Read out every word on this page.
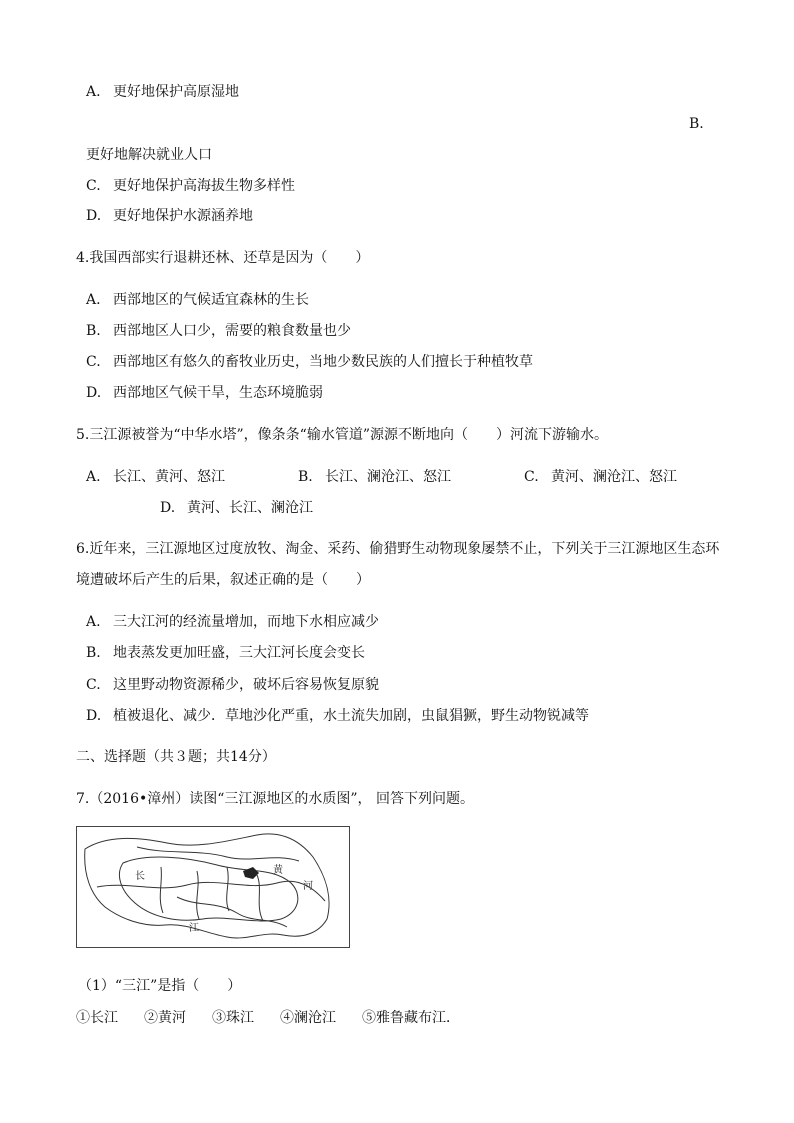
A. 更好地保护高原湿地
B.
更好地解决就业人口
C. 更好地保护高海拔生物多样性
D. 更好地保护水源涵养地
4.我国西部实行退耕还林、还草是因为（　　）
A. 西部地区的气候适宜森林的生长
B. 西部地区人口少，需要的粮食数量也少
C. 西部地区有悠久的畜牧业历史，当地少数民族的人们擅长于种植牧草
D. 西部地区气候干旱，生态环境脆弱
5.三江源被誉为“中华水塔”，像条条“输水管道”源源不断地向（　　）河流下游输水。
A. 长江、黄河、怒江	B. 长江、澜沧江、怒江	C. 黄河、澜沧江、怒江
D. 黄河、长江、澜沧江
6.近年来，三江源地区过度放牧、淘金、采药、偷猎野生动物现象屡禁不止，下列关于三江源地区生态环
境遭破坏后产生的后果，叙述正确的是（　　）
A. 三大江河的经流量增加，而地下水相应减少
B. 地表蒸发更加旺盛，三大江河长度会变长
C. 这里野动物资源稀少，破坏后容易恢复原貌
D. 植被退化、减少．草地沙化严重，水土流失加剧，虫鼠猖獗，野生动物锐减等
二、选择题（共３题；共14分）
7.（2016•漳州）读图“三江源地区的水质图”， 回答下列问题。
长
江
黄
河
（1）“三江”是指（　　）
①长江 ②黄河 ③珠江 ④澜沧江 ⑤雅鲁藏布江．
